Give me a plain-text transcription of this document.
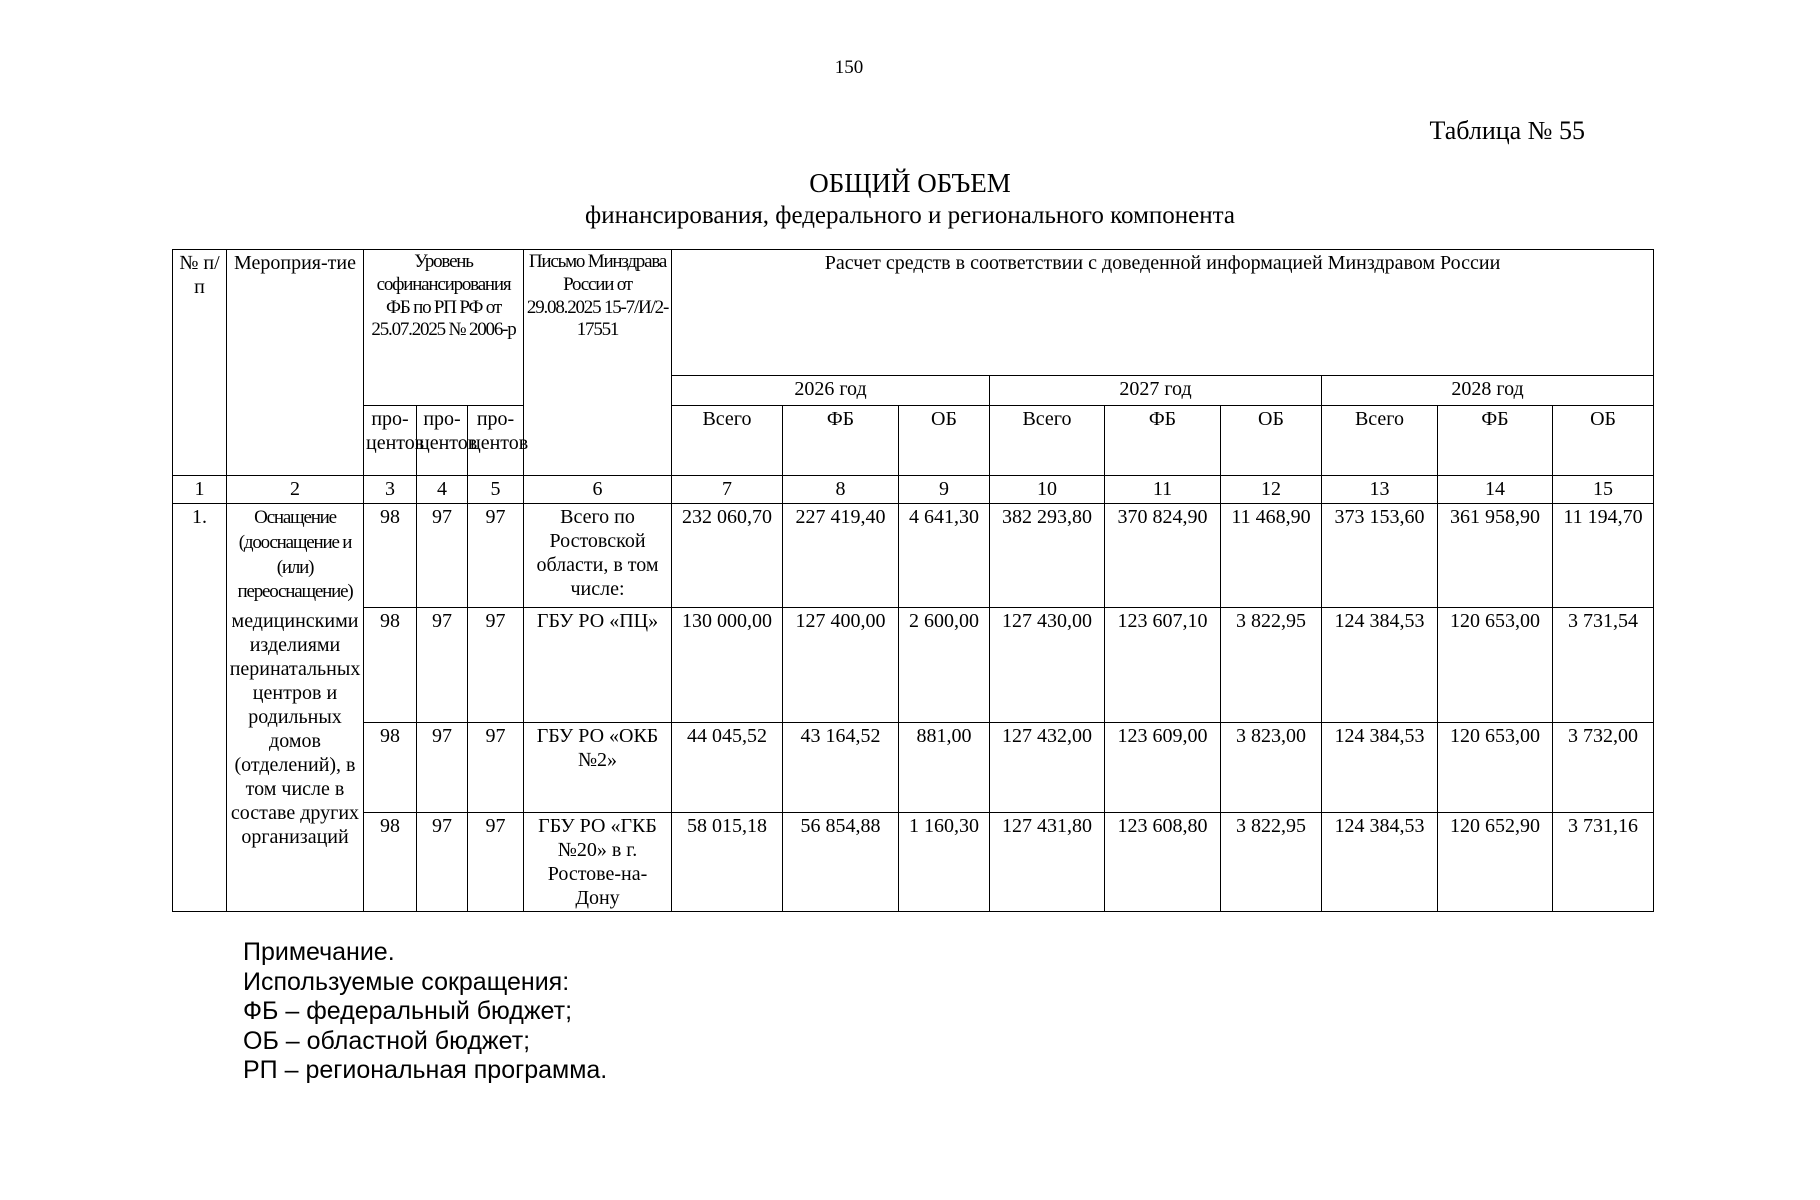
150
Таблица № 55
ОБЩИЙ ОБЪЕМ
финансирования, федерального и регионального компонента
№ п/п	Мероприя-тие	Уровень софинансирования ФБ по РП РФ от 25.07.2025 № 2006-р			Письмо Минздрава России от 29.08.2025 15-7/И/2-17551	Расчет средств в соответствии с доведенной информацией Минздравом России								
						2026 год			2027 год			2028 год		
		про-центов	про-центов	про-центов		Всего	ФБ	ОБ	Всего	ФБ	ОБ	Всего	ФБ	ОБ
1	2	3	4	5	6	7	8	9	10	11	12	13	14	15
1.	Оснащение (дооснащение и (или) переоснащение)	98	97	97	Всего по Ростовской области, в том числе:	232 060,70	227 419,40	4 641,30	382 293,80	370 824,90	11 468,90	373 153,60	361 958,90	11 194,70
	медицинскими изделиями перинатальных центров и родильных домов (отделений), в том числе в составе других организаций	98	97	97	ГБУ РО «ПЦ»	130 000,00	127 400,00	2 600,00	127 430,00	123 607,10	3 822,95	124 384,53	120 653,00	3 731,54
		98	97	97	ГБУ РО «ОКБ №2»	44 045,52	43 164,52	881,00	127 432,00	123 609,00	3 823,00	124 384,53	120 653,00	3 732,00
		98	97	97	ГБУ РО «ГКБ №20» в г. Ростове-на-Дону	58 015,18	56 854,88	1 160,30	127 431,80	123 608,80	3 822,95	124 384,53	120 652,90	3 731,16
Примечание.
Используемые сокращения:
ФБ – федеральный бюджет;
ОБ – областной бюджет;
РП – региональная программа.
